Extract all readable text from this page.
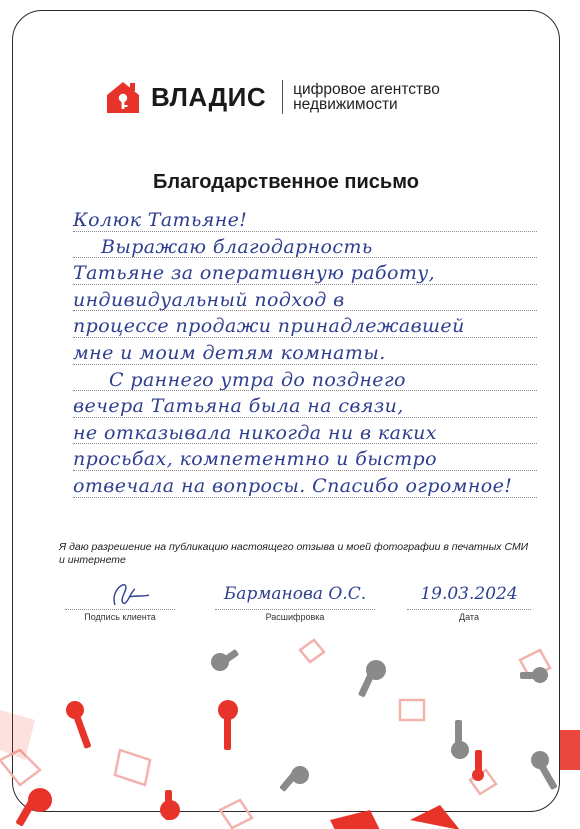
ВЛАДИС цифровое агентство
недвижимости
Благодарственное письмо
Колюк Татьяне!
Выражаю благодарность
Татьяне за оперативную работу,
индивидуальный подход в
процессе продажи принадлежавшей
мне и моим детям комнаты.
С раннего утра до позднего
вечера Татьяна была на связи,
не отказывала никогда ни в каких
просьбах, компетентно и быстро
отвечала на вопросы. Спасибо огромное!
Я даю разрешение на публикацию настоящего отзыва и моей фотографии в печатных СМИ и интернете
Подпись клиента
Барманова О.С.
Расшифровка
19.03.2024
Дата
